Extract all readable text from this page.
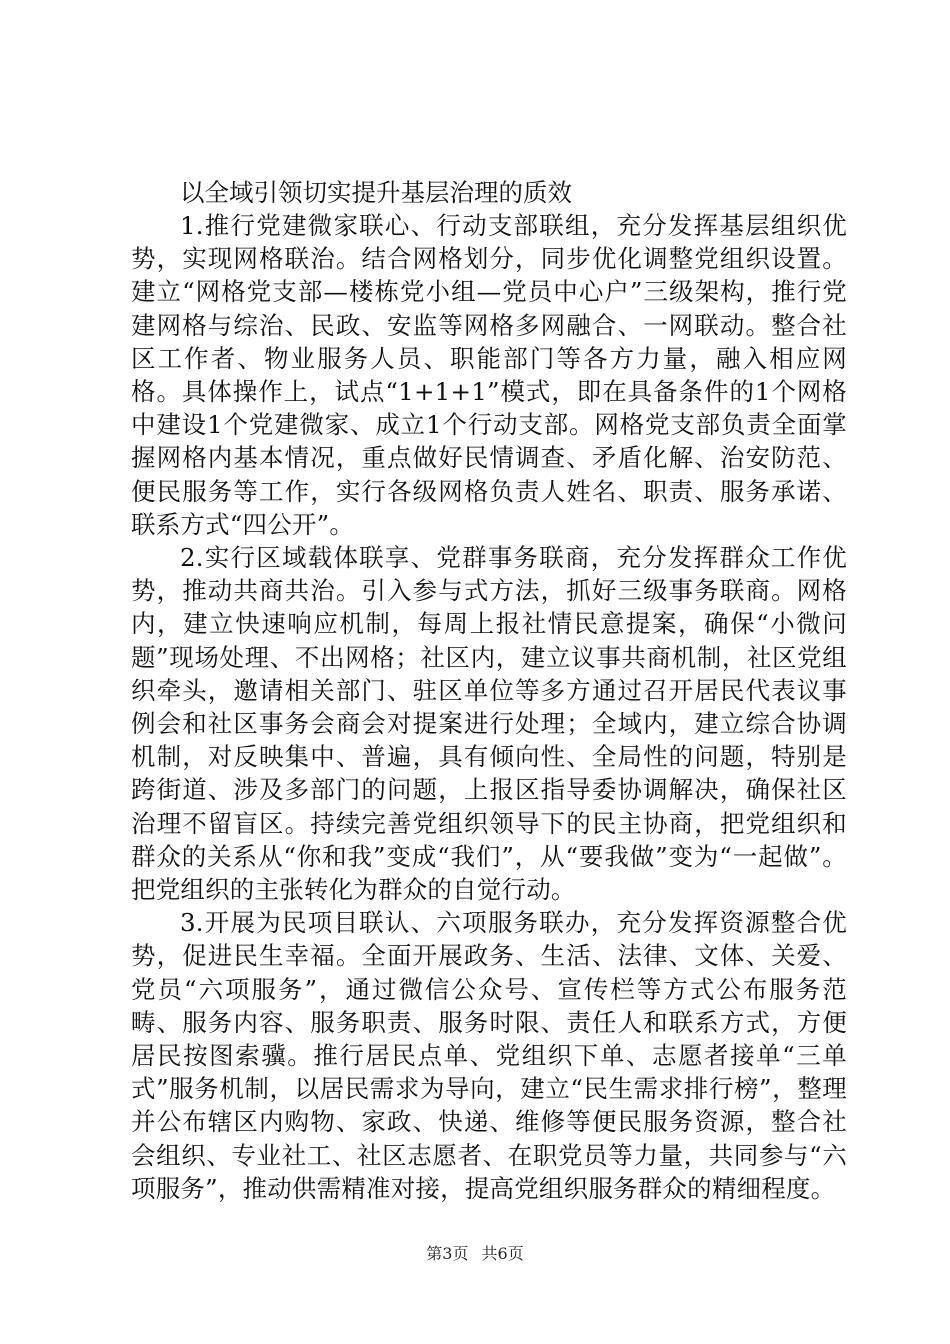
以全域引领切实提升基层治理的质效

1.推行党建微家联心、行动支部联组，充分发挥基层组织优势，实现网格联治。结合网格划分，同步优化调整党组织设置。建立“网格党支部—楼栋党小组—党员中心户”三级架构，推行党建网格与综治、民政、安监等网格多网融合、一网联动。整合社区工作者、物业服务人员、职能部门等各方力量，融入相应网格。具体操作上，试点“1+1+1”模式，即在具备条件的1个网格中建设1个党建微家、成立1个行动支部。网格党支部负责全面掌握网格内基本情况，重点做好民情调查、矛盾化解、治安防范、便民服务等工作，实行各级网格负责人姓名、职责、服务承诺、联系方式“四公开”。

2.实行区域载体联享、党群事务联商，充分发挥群众工作优势，推动共商共治。引入参与式方法，抓好三级事务联商。网格内，建立快速响应机制，每周上报社情民意提案，确保“小微问题”现场处理、不出网格；社区内，建立议事共商机制，社区党组织牵头，邀请相关部门、驻区单位等多方通过召开居民代表议事例会和社区事务会商会对提案进行处理；全域内，建立综合协调机制，对反映集中、普遍，具有倾向性、全局性的问题，特别是跨街道、涉及多部门的问题，上报区指导委协调解决，确保社区治理不留盲区。持续完善党组织领导下的民主协商，把党组织和群众的关系从“你和我”变成“我们”，从“要我做”变为“一起做”。把党组织的主张转化为群众的自觉行动。

3.开展为民项目联认、六项服务联办，充分发挥资源整合优势，促进民生幸福。全面开展政务、生活、法律、文体、关爱、党员“六项服务”，通过微信公众号、宣传栏等方式公布服务范畴、服务内容、服务职责、服务时限、责任人和联系方式，方便居民按图索骥。推行居民点单、党组织下单、志愿者接单“三单式”服务机制，以居民需求为导向，建立“民生需求排行榜”，整理并公布辖区内购物、家政、快递、维修等便民服务资源，整合社会组织、专业社工、社区志愿者、在职党员等力量，共同参与“六项服务”，推动供需精准对接，提高党组织服务群众的精细程度。

第3页 共6页
